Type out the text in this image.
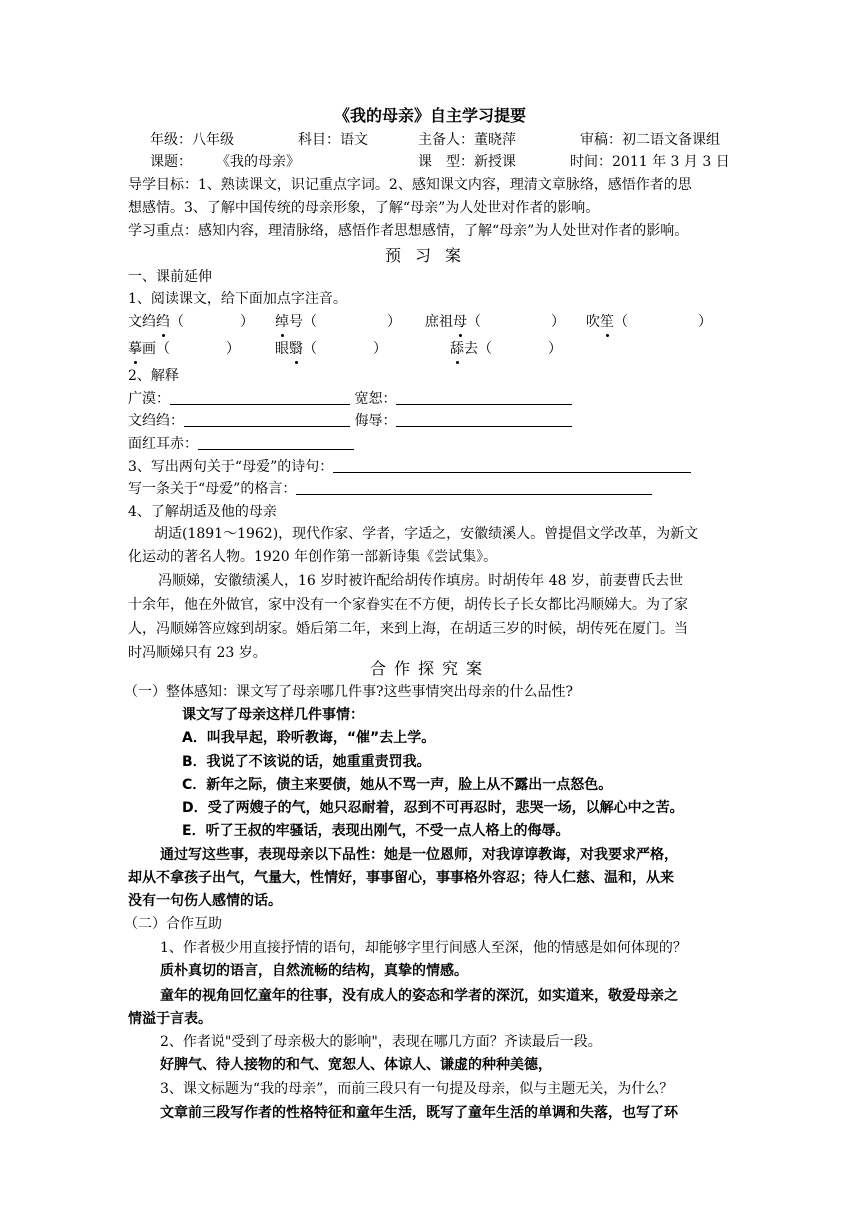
《我的母亲》自主学习提要
年级：八年级	科目：语文	主备人：董晓萍	审稿：初二语文备课组
课题： 《我的母亲》	课　型：新授课	时间：2011 年 3 月 3 日
导学目标：1、熟读课文，识记重点字词。2、感知课文内容，理清文章脉络，感悟作者的思
想感情。3、了解中国传统的母亲形象，了解“母亲”为人处世对作者的影响。
学习重点：感知内容，理清脉络，感悟作者思想感情，了解“母亲”为人处世对作者的影响。
预习案
一、课前延伸
1、阅读课文，给下面加点字注音。
文绉绉（　　　　） 绰号（　　　　　） 庶祖母（　　　　　） 吹笙（　　　　　）
摹画（　　　　）	眼翳（　　　　）	舔去（　　　　）
2、解释
广漠：	宽恕：
文绉绉：	侮辱：
面红耳赤：
3、写出两句关于“母爱”的诗句：
写一条关于“母爱”的格言：
4、了解胡适及他的母亲
胡适(1891～1962)，现代作家、学者，字适之，安徽绩溪人。曾提倡文学改革，为新文
化运动的著名人物。1920 年创作第一部新诗集《尝试集》。
冯顺娣，安徽绩溪人，16 岁时被许配给胡传作填房。时胡传年 48 岁，前妻曹氏去世
十余年，他在外做官，家中没有一个家眷实在不方便，胡传长子长女都比冯顺娣大。为了家
人，冯顺娣答应嫁到胡家。婚后第二年，来到上海，在胡适三岁的时候，胡传死在厦门。当
时冯顺娣只有 23 岁。
合作探究案
（一）整体感知：课文写了母亲哪几件事?这些事情突出母亲的什么品性?
课文写了母亲这样几件事情：
A．叫我早起，聆听教诲，“催”去上学。
B．我说了不该说的话，她重重责罚我。
C．新年之际，债主来要债，她从不骂一声，脸上从不露出一点怒色。
D．受了两嫂子的气，她只忍耐着，忍到不可再忍时，悲哭一场，以解心中之苦。
E．听了王叔的牢骚话，表现出刚气，不受一点人格上的侮辱。
通过写这些事，表现母亲以下品性：她是一位恩师，对我谆谆教诲，对我要求严格，
却从不拿孩子出气，气量大，性情好，事事留心，事事格外容忍；待人仁慈、温和，从来
没有一句伤人感情的话。
（二）合作互助
1、作者极少用直接抒情的语句，却能够字里行间感人至深，他的情感是如何体现的？
质朴真切的语言，自然流畅的结构，真挚的情感。
童年的视角回忆童年的往事，没有成人的姿态和学者的深沉，如实道来，敬爱母亲之
情溢于言表。
2、作者说"受到了母亲极大的影响"，表现在哪几方面？齐读最后一段。
好脾气、待人接物的和气、宽恕人、体谅人、谦虚的种种美德，
3、课文标题为“我的母亲”，而前三段只有一句提及母亲，似与主题无关，为什么？
文章前三段写作者的性格特征和童年生活，既写了童年生活的单调和失落，也写了环
